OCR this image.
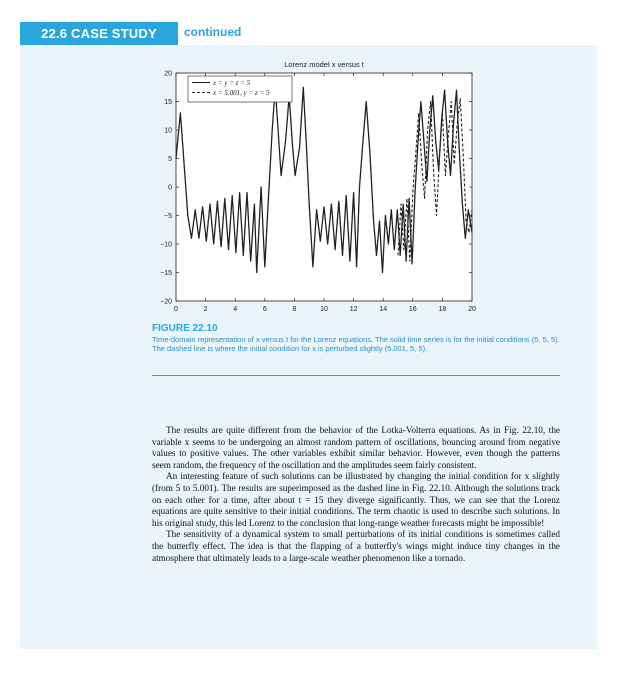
22.6 CASE STUDY	continued
Lorenz model x versus t
0	2	4	6	8	10	12	14	16	18	20
20
15
10
5
0
−5
−10
−15
−20
x = y = z = 5
x = 5.001, y = z = 5

FIGURE 22.10

Time-domain representation of x versus t for the Lorenz equations. The solid time series is for the initial conditions (5, 5, 5). The dashed line is where the initial condition for x is perturbed slightly (5.001, 5, 5).

The results are quite different from the behavior of the Lotka-Volterra equations. As in Fig. 22.10, the variable x seems to be undergoing an almost random pattern of oscillations, bouncing around from negative values to positive values. The other variables exhibit similar behavior. However, even though the patterns seem random, the frequency of the oscillation and the amplitudes seem fairly consistent.

An interesting feature of such solutions can be illustrated by changing the initial condition for x slightly (from 5 to 5.001). The results are superimposed as the dashed line in Fig. 22.10. Although the solutions track on each other for a time, after about t = 15 they diverge significantly. Thus, we can see that the Lorenz equations are quite sensitive to their initial conditions. The term chaotic is used to describe such solutions. In his original study, this led Lorenz to the conclusion that long-range weather forecasts might be impossible!

The sensitivity of a dynamical system to small perturbations of its initial conditions is sometimes called the butterfly effect. The idea is that the flapping of a butterfly's wings might induce tiny changes in the atmosphere that ultimately leads to a large-scale weather phenomenon like a tornado.
